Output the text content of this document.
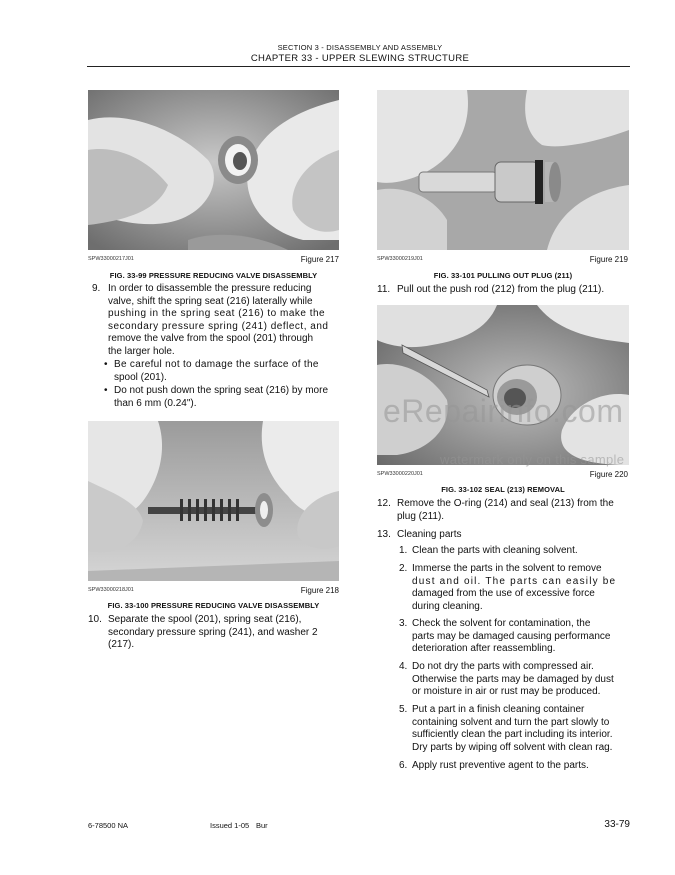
SECTION 3 - DISASSEMBLY AND ASSEMBLY
CHAPTER 33 - UPPER SLEWING STRUCTURE
SPW33000217J01	Figure 217
FIG. 33-99 PRESSURE REDUCING VALVE DISASSEMBLY
9. In order to disassemble the pressure reducing
valve, shift the spring seat (216) laterally while
pushing in the spring seat (216) to make the
secondary pressure spring (241) deflect, and
remove the valve from the spool (201) through
the larger hole.
• Be careful not to damage the surface of the
spool (201).
• Do not push down the spring seat (216) by more
than 6 mm (0.24").
SPW33000218J01	Figure 218
FIG. 33-100 PRESSURE REDUCING VALVE DISASSEMBLY
10. Separate the spool (201), spring seat (216),
secondary pressure spring (241), and washer 2
(217).
SPW33000219J01	Figure 219
FIG. 33-101 PULLING OUT PLUG (211)
11. Pull out the push rod (212) from the plug (211).
SPW33000220J01	Figure 220
FIG. 33-102 SEAL (213) REMOVAL
eRepairinfo.com
watermark only on this sample
12. Remove the O-ring (214) and seal (213) from the
plug (211).
13. Cleaning parts
1. Clean the parts with cleaning solvent.
2. Immerse the parts in the solvent to remove
dust and oil. The parts can easily be
damaged from the use of excessive force
during cleaning.
3. Check the solvent for contamination, the
parts may be damaged causing performance
deterioration after reassembling.
4. Do not dry the parts with compressed air.
Otherwise the parts may be damaged by dust
or moisture in air or rust may be produced.
5. Put a part in a finish cleaning container
containing solvent and turn the part slowly to
sufficiently clean the part including its interior.
Dry parts by wiping off solvent with clean rag.
6. Apply rust preventive agent to the parts.
6-78500 NA	Issued 1-05 Bur	33-79
